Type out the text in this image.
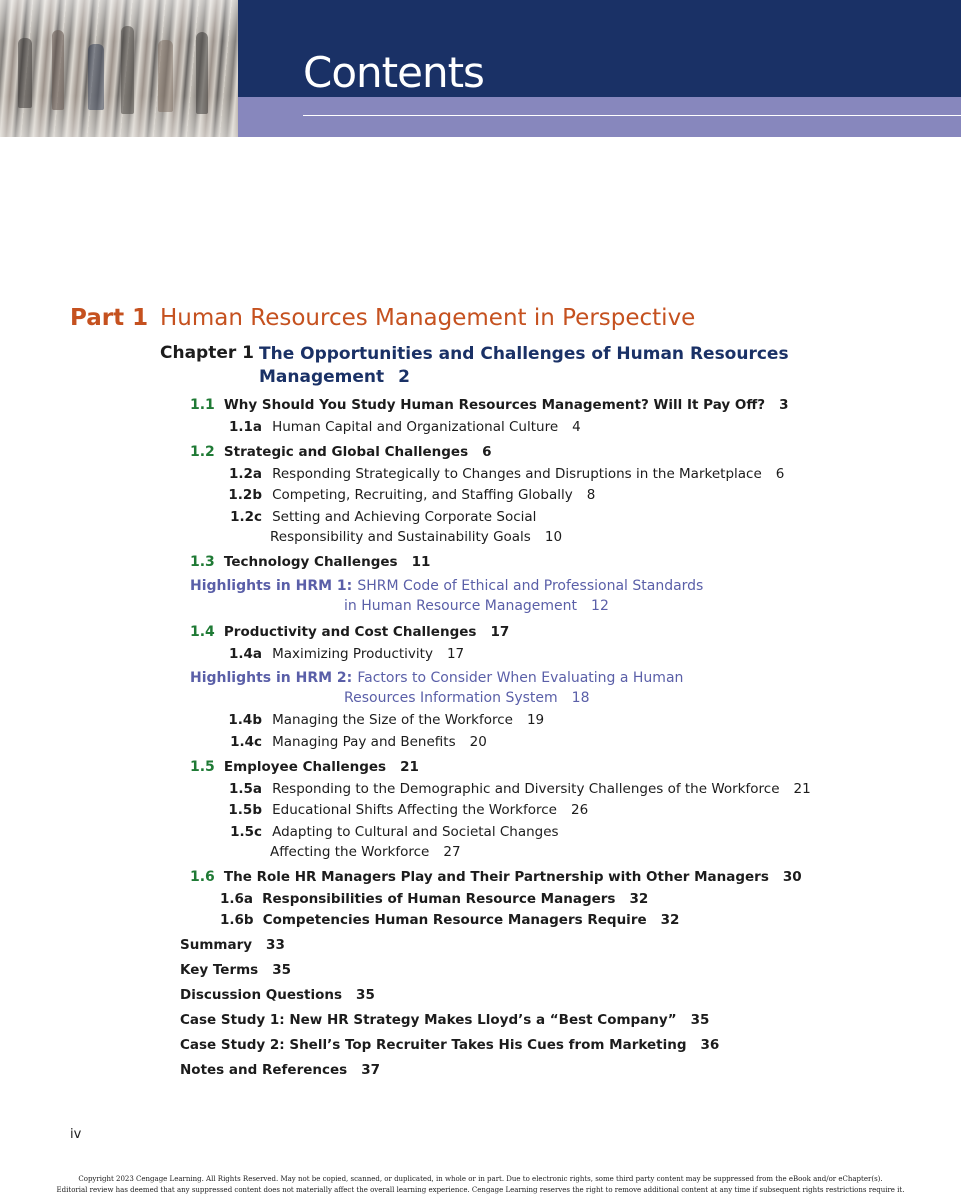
Contents
Part 1 Human Resources Management in Perspective
Chapter 1 The Opportunities and Challenges of Human Resources
Management 2
1.1 Why Should You Study Human Resources Management? Will It Pay Off? 3
1.1a Human Capital and Organizational Culture 4
1.2 Strategic and Global Challenges 6
1.2a Responding Strategically to Changes and Disruptions in the Marketplace 6
1.2b Competing, Recruiting, and Staffing Globally 8
1.2c Setting and Achieving Corporate Social
Responsibility and Sustainability Goals 10
1.3 Technology Challenges 11
Highlights in HRM 1: SHRM Code of Ethical and Professional Standards
in Human Resource Management 12
1.4 Productivity and Cost Challenges 17
1.4a Maximizing Productivity 17
Highlights in HRM 2: Factors to Consider When Evaluating a Human
Resources Information System 18
1.4b Managing the Size of the Workforce 19
1.4c Managing Pay and Benefits 20
1.5 Employee Challenges 21
1.5a Responding to the Demographic and Diversity Challenges of the Workforce 21
1.5b Educational Shifts Affecting the Workforce 26
1.5c Adapting to Cultural and Societal Changes
Affecting the Workforce 27
1.6 The Role HR Managers Play and Their Partnership with Other Managers 30
1.6a Responsibilities of Human Resource Managers 32
1.6b Competencies Human Resource Managers Require 32
Summary 33
Key Terms 35
Discussion Questions 35
Case Study 1: New HR Strategy Makes Lloyd’s a “Best Company” 35
Case Study 2: Shell’s Top Recruiter Takes His Cues from Marketing 36
Notes and References 37
iv
Copyright 2023 Cengage Learning. All Rights Reserved. May not be copied, scanned, or duplicated, in whole or in part. Due to electronic rights, some third party content may be suppressed from the eBook and/or eChapter(s).
Editorial review has deemed that any suppressed content does not materially affect the overall learning experience. Cengage Learning reserves the right to remove additional content at any time if subsequent rights restrictions require it.
